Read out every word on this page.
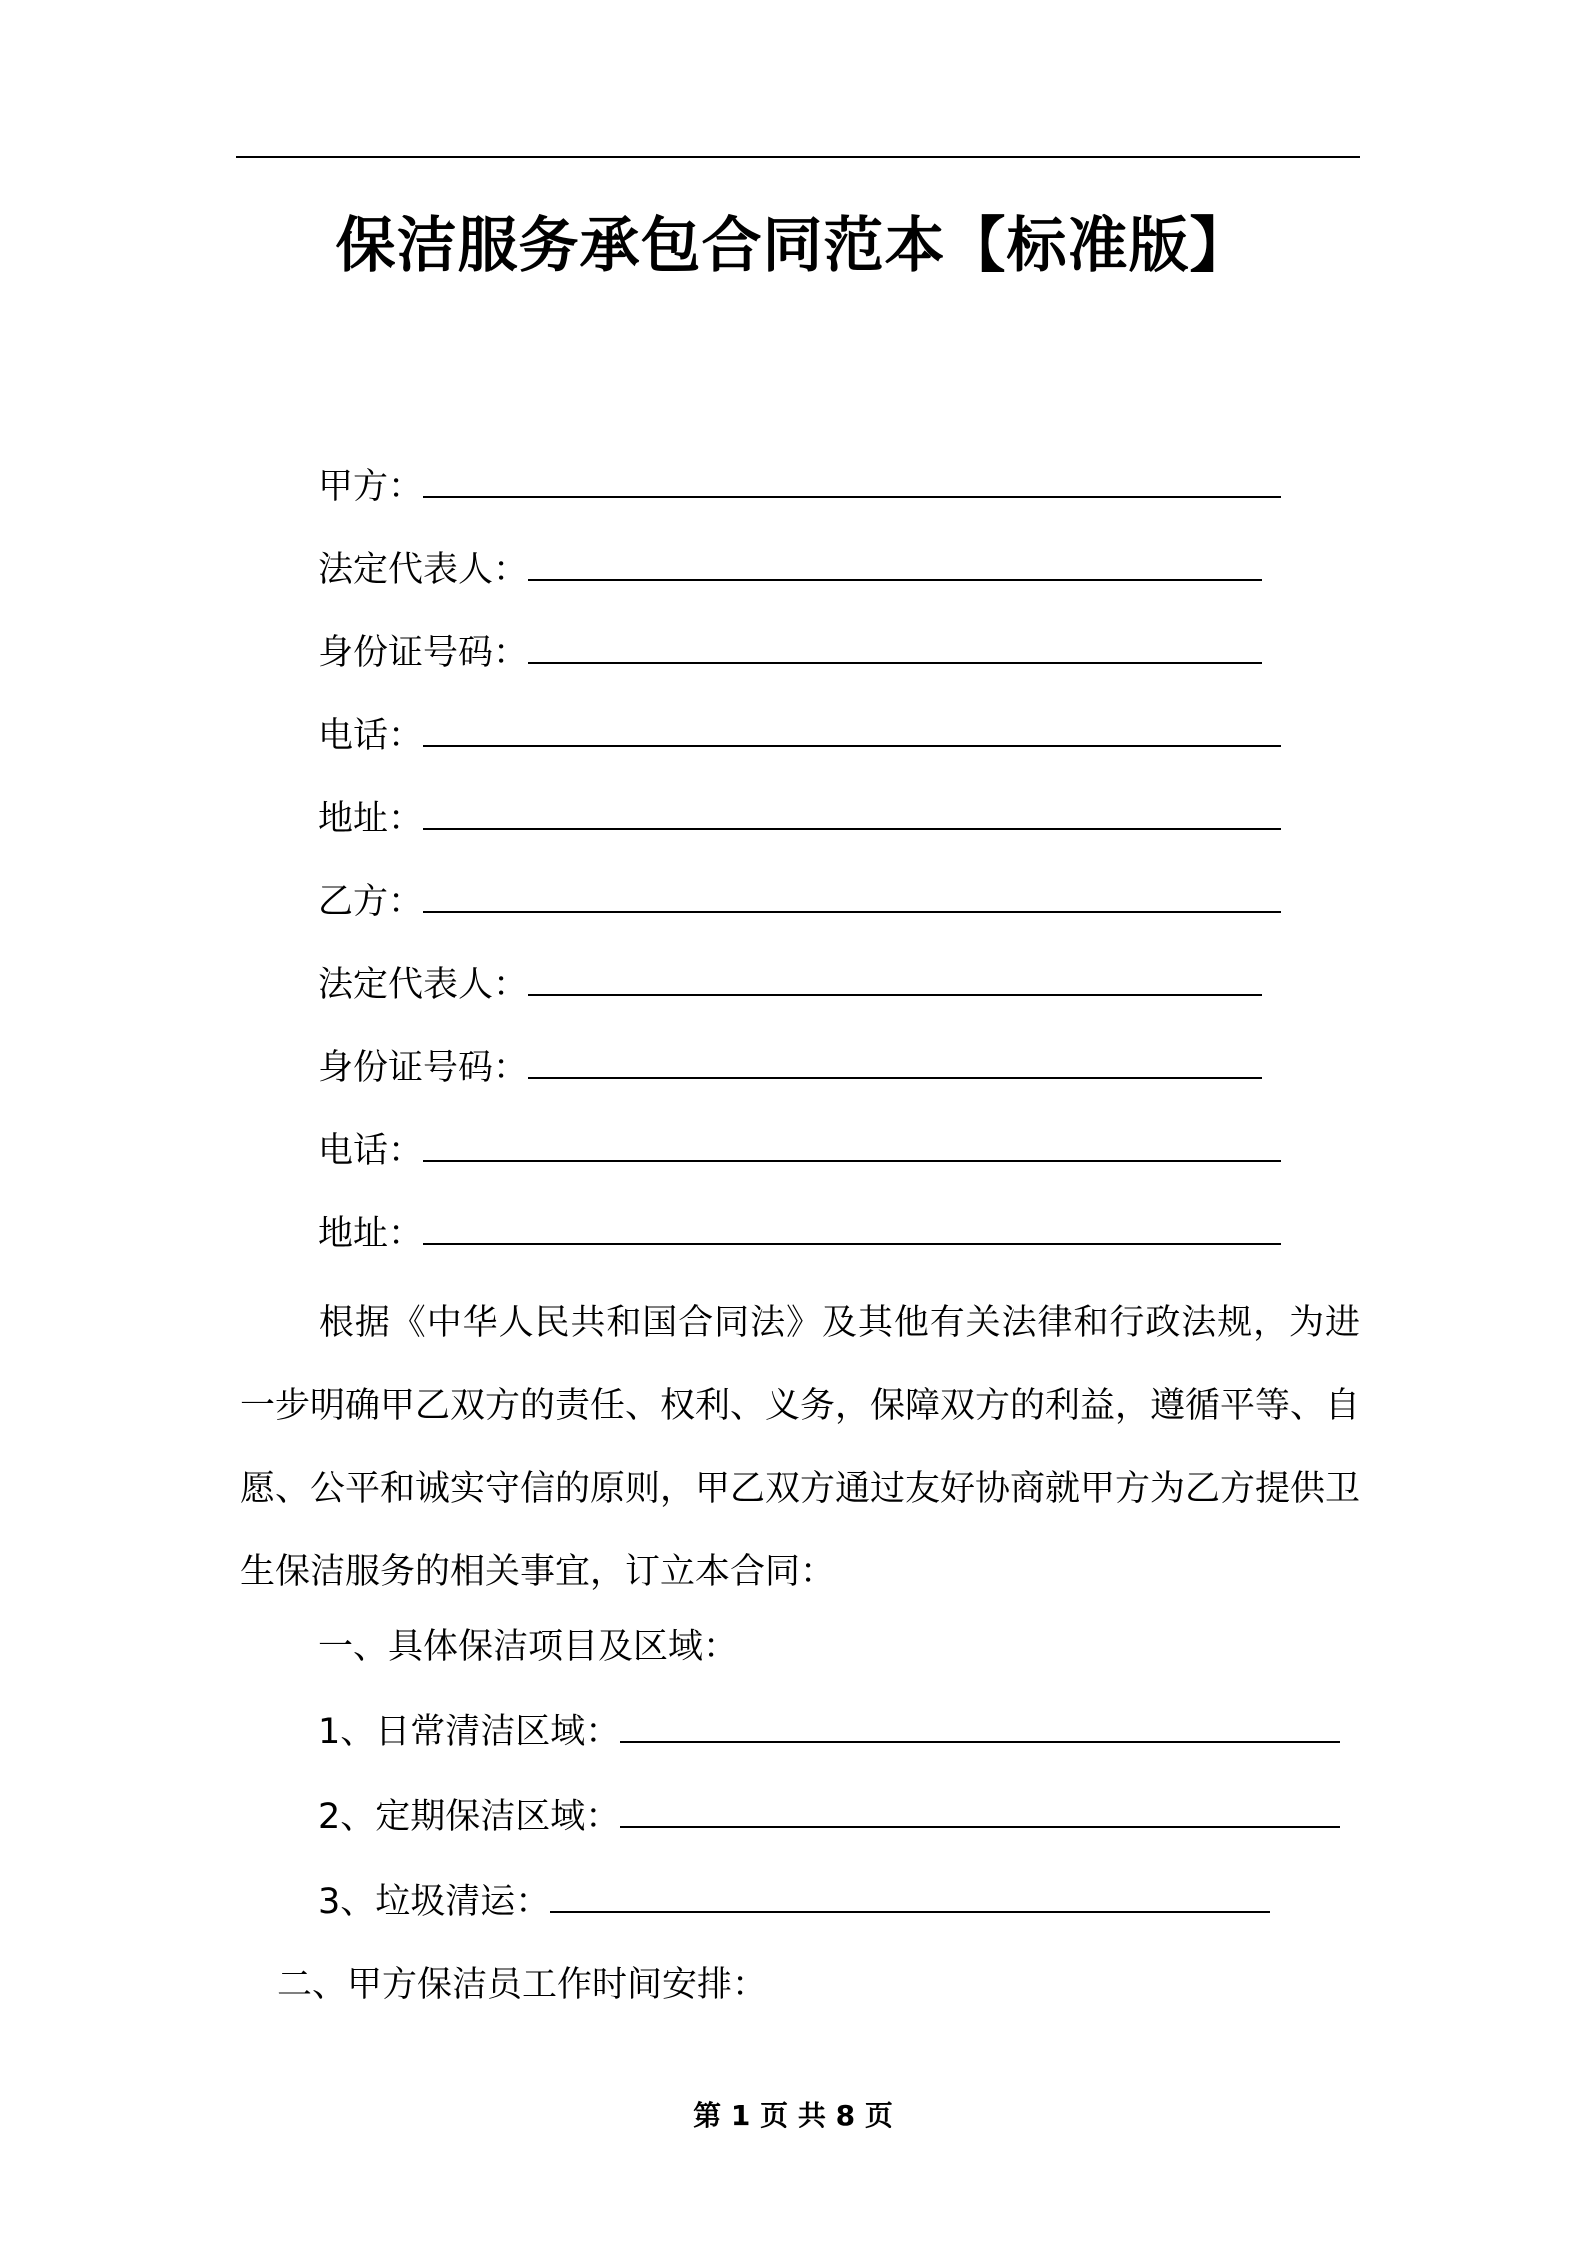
保洁服务承包合同范本【标准版】
甲方：
法定代表人：
身份证号码：
电话：
地址：
乙方：
法定代表人：
身份证号码：
电话：
地址：
根据《中华人民共和国合同法》及其他有关法律和行政法规，为进一步明确甲乙双方的责任、权利、义务，保障双方的利益，遵循平等、自愿、公平和诚实守信的原则，甲乙双方通过友好协商就甲方为乙方提供卫生保洁服务的相关事宜，订立本合同：
一、具体保洁项目及区域：
1、日常清洁区域：
2、定期保洁区域：
3、垃圾清运：
二、甲方保洁员工作时间安排：
第 1 页 共 8 页
